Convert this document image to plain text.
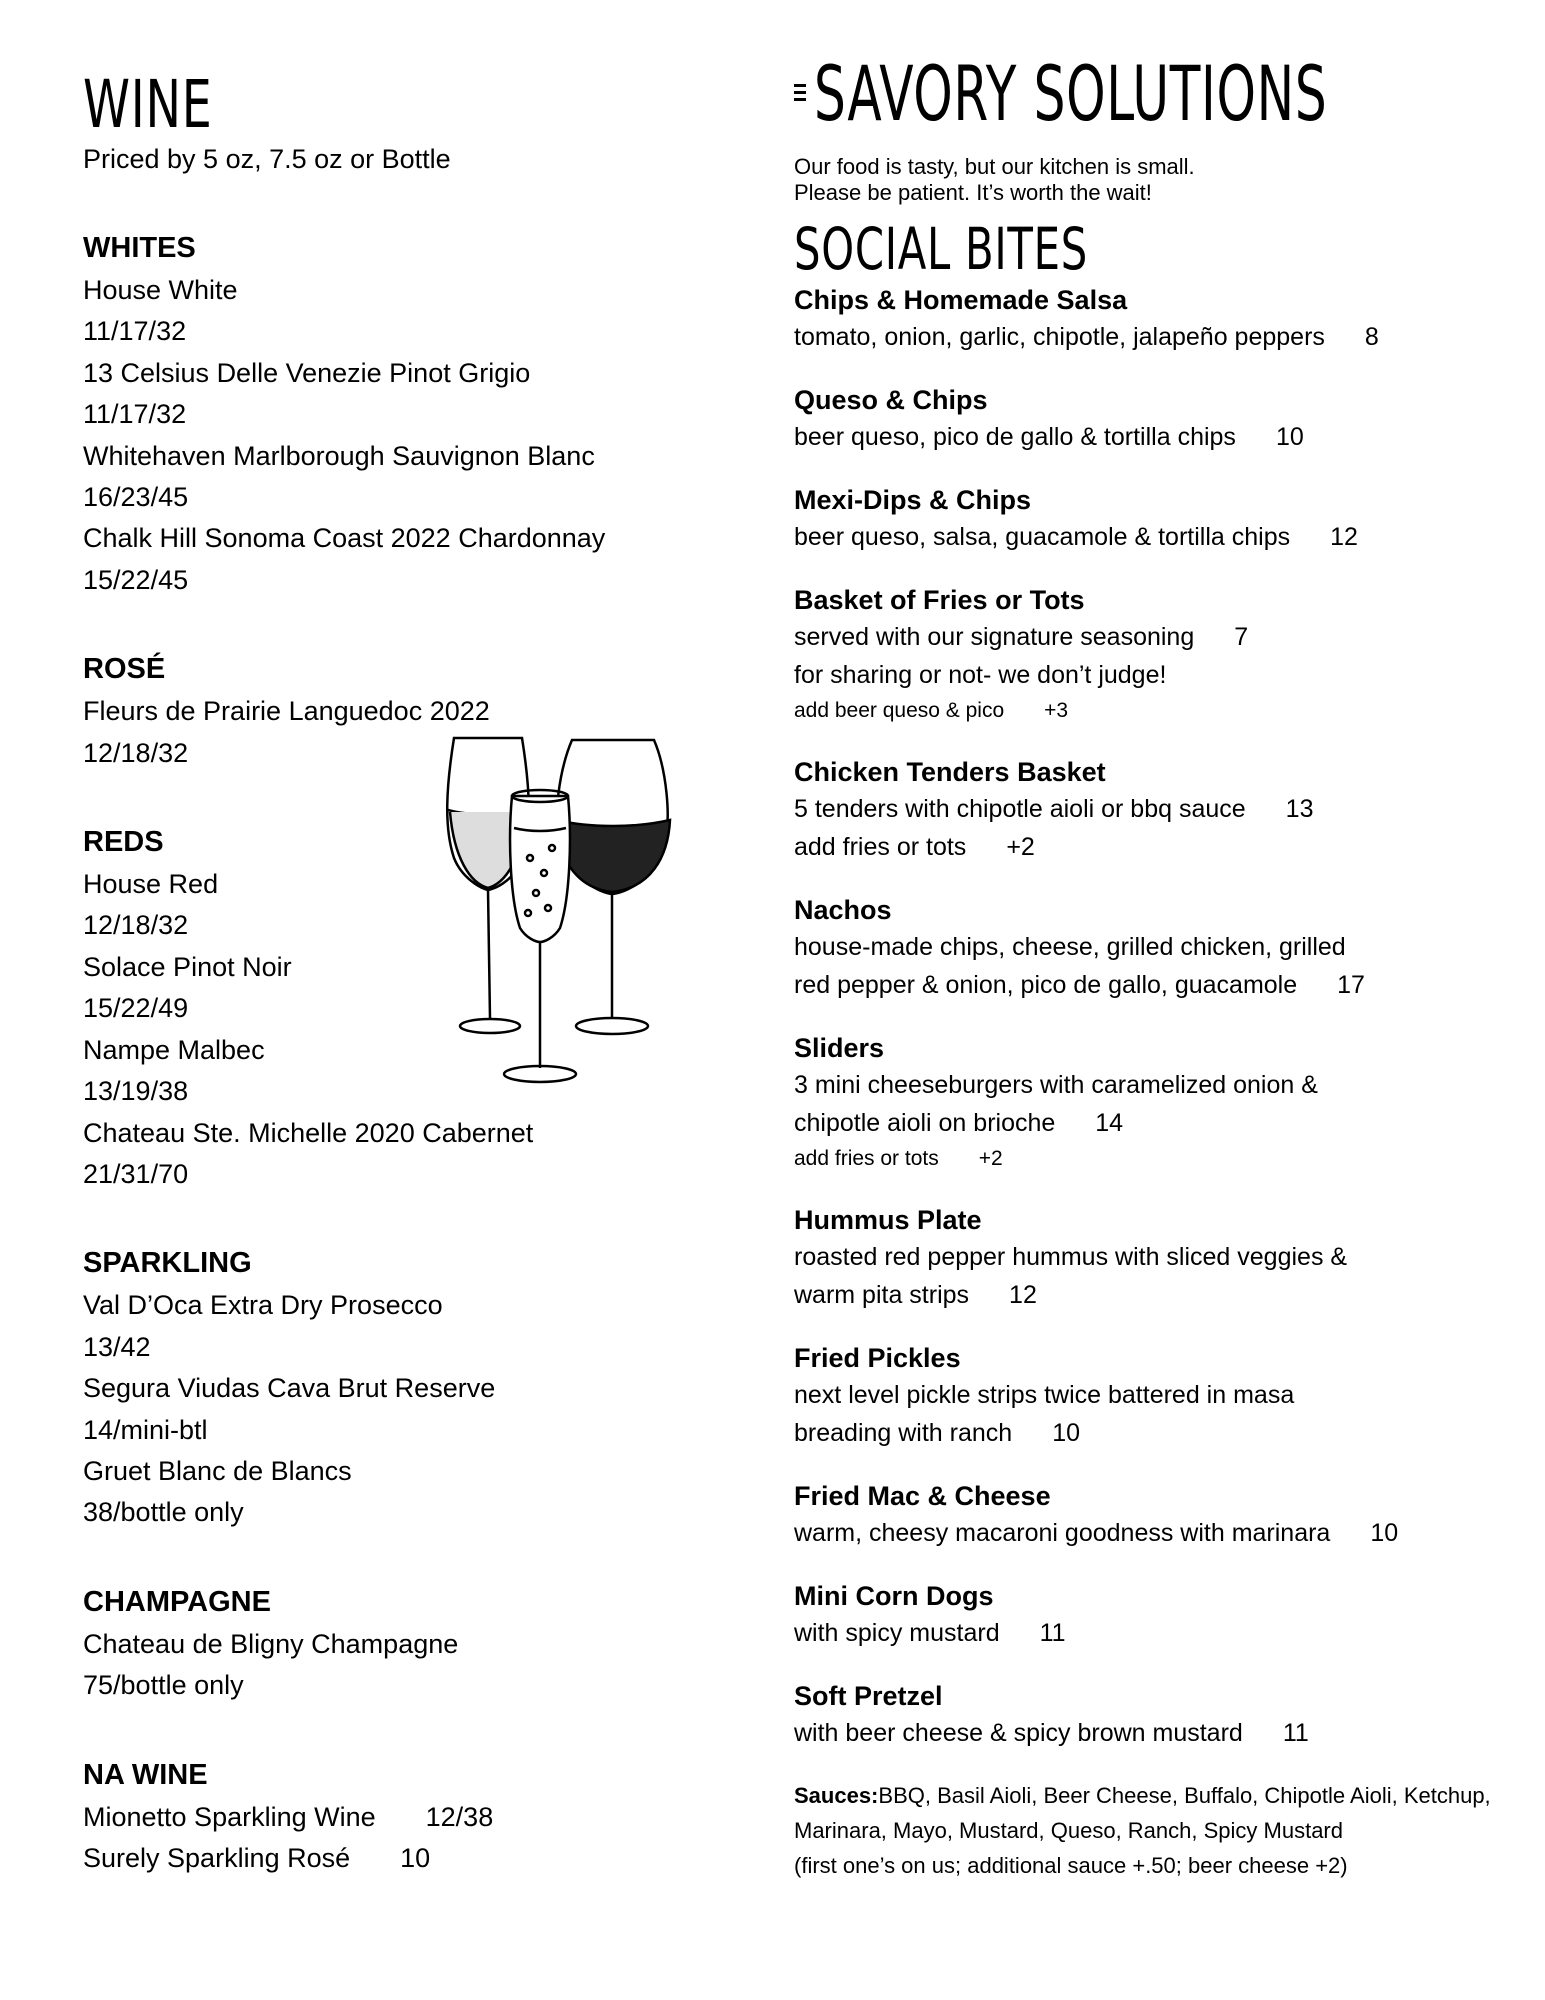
WINE
Priced by 5 oz, 7.5 oz or Bottle
WHITES
House White
11/17/32
13 Celsius Delle Venezie Pinot Grigio
11/17/32
Whitehaven Marlborough Sauvignon Blanc
16/23/45
Chalk Hill Sonoma Coast 2022 Chardonnay
15/22/45
ROSÉ
Fleurs de Prairie Languedoc 2022
12/18/32
REDS
House Red
12/18/32
Solace Pinot Noir
15/22/49
Nampe Malbec
13/19/38
Chateau Ste. Michelle 2020 Cabernet
21/31/70
SPARKLING
Val D’Oca Extra Dry Prosecco
13/42
Segura Viudas Cava Brut Reserve
14/mini-btl
Gruet Blanc de Blancs
38/bottle only
CHAMPAGNE
Chateau de Bligny Champagne
75/bottle only
NA WINE
Mionetto Sparkling Wine 12/38
Surely Sparkling Rosé 10
SAVORY SOLUTIONS
Our food is tasty, but our kitchen is small.
Please be patient. It’s worth the wait!
SOCIAL BITES
Chips & Homemade Salsa
tomato, onion, garlic, chipotle, jalapeño peppers 8
Queso & Chips
beer queso, pico de gallo & tortilla chips 10
Mexi-Dips & Chips
beer queso, salsa, guacamole & tortilla chips 12
Basket of Fries or Tots
served with our signature seasoning 7
for sharing or not- we don’t judge!
add beer queso & pico +3
Chicken Tenders Basket
5 tenders with chipotle aioli or bbq sauce 13
add fries or tots +2
Nachos
house-made chips, cheese, grilled chicken, grilled
red pepper & onion, pico de gallo, guacamole 17
Sliders
3 mini cheeseburgers with caramelized onion &
chipotle aioli on brioche 14
add fries or tots +2
Hummus Plate
roasted red pepper hummus with sliced veggies &
warm pita strips 12
Fried Pickles
next level pickle strips twice battered in masa
breading with ranch 10
Fried Mac & Cheese
warm, cheesy macaroni goodness with marinara 10
Mini Corn Dogs
with spicy mustard 11
Soft Pretzel
with beer cheese & spicy brown mustard 11
Sauces:BBQ, Basil Aioli, Beer Cheese, Buffalo, Chipotle Aioli, Ketchup, Marinara, Mayo, Mustard, Queso, Ranch, Spicy Mustard
(first one’s on us; additional sauce +.50; beer cheese +2)
